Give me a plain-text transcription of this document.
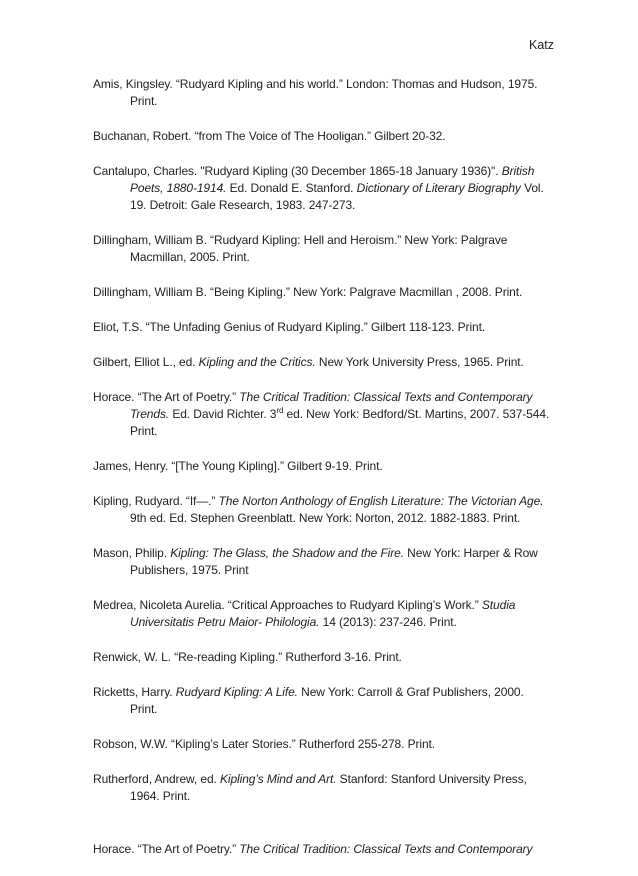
Katz

Amis, Kingsley. “Rudyard Kipling and his world.” London: Thomas and Hudson, 1975. Print.

Buchanan, Robert. “from The Voice of The Hooligan.” Gilbert 20-32.

Cantalupo, Charles. "Rudyard Kipling (30 December 1865-18 January 1936)". British Poets, 1880-1914. Ed. Donald E. Stanford. Dictionary of Literary Biography Vol. 19. Detroit: Gale Research, 1983. 247-273.

Dillingham, William B. “Rudyard Kipling: Hell and Heroism.” New York: Palgrave Macmillan, 2005. Print.

Dillingham, William B. “Being Kipling.” New York: Palgrave Macmillan , 2008. Print.

Eliot, T.S. “The Unfading Genius of Rudyard Kipling.” Gilbert 118-123. Print.

Gilbert, Elliot L., ed. Kipling and the Critics. New York University Press, 1965. Print.

Horace. “The Art of Poetry.” The Critical Tradition: Classical Texts and Contemporary Trends. Ed. David Richter. 3rd ed. New York: Bedford/St. Martins, 2007. 537-544. Print.

James, Henry. “[The Young Kipling].” Gilbert 9-19. Print.

Kipling, Rudyard. “If—.” The Norton Anthology of English Literature: The Victorian Age. 9th ed. Ed. Stephen Greenblatt. New York: Norton, 2012. 1882-1883. Print.

Mason, Philip. Kipling: The Glass, the Shadow and the Fire. New York: Harper & Row Publishers, 1975. Print

Medrea, Nicoleta Aurelia. “Critical Approaches to Rudyard Kipling’s Work.” Studia Universitatis Petru Maior- Philologia. 14 (2013): 237-246. Print.

Renwick, W. L. “Re-reading Kipling.” Rutherford 3-16. Print.

Ricketts, Harry. Rudyard Kipling: A Life. New York: Carroll & Graf Publishers, 2000. Print.

Robson, W.W. “Kipling’s Later Stories.” Rutherford 255-278. Print.

Rutherford, Andrew, ed. Kipling’s Mind and Art. Stanford: Stanford University Press, 1964. Print.

Horace. “The Art of Poetry.” The Critical Tradition: Classical Texts and Contemporary
